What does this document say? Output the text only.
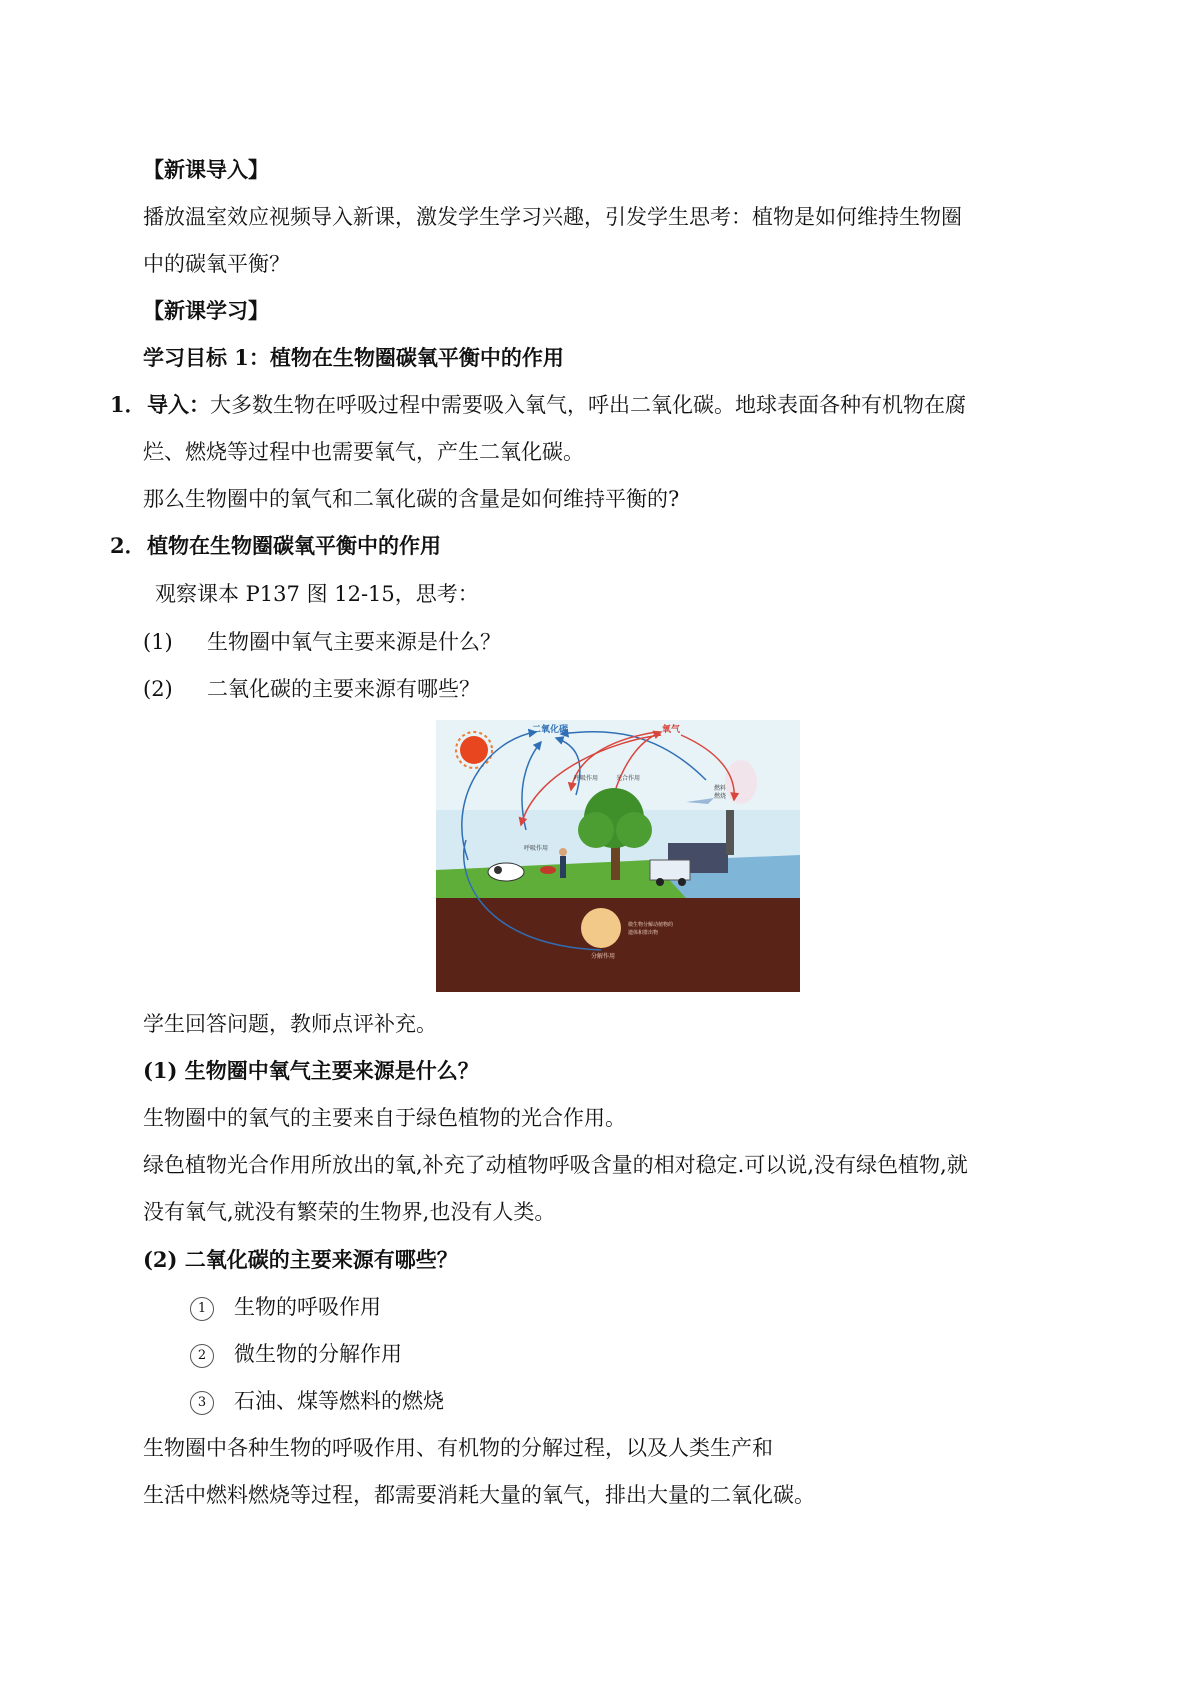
【新课导入】
播放温室效应视频导入新课，激发学生学习兴趣，引发学生思考：植物是如何维持生物圈
中的碳氧平衡？
【新课学习】
学习目标 1：植物在生物圈碳氧平衡中的作用
1． 导入：大多数生物在呼吸过程中需要吸入氧气，呼出二氧化碳。地球表面各种有机物在腐
烂、燃烧等过程中也需要氧气，产生二氧化碳。
那么生物圈中的氧气和二氧化碳的含量是如何维持平衡的?
2． 植物在生物圈碳氧平衡中的作用
观察课本 P137 图 12-15，思考：
(1) 生物圈中氧气主要来源是什么？
(2) 二氧化碳的主要来源有哪些？
二氧化碳	氧气
呼吸作用	光合作用
燃料
燃烧
呼吸作用
微生物分解动植物的
遗体和排出物
分解作用
学生回答问题，教师点评补充。
(1) 生物圈中氧气主要来源是什么？
生物圈中的氧气的主要来自于绿色植物的光合作用。
绿色植物光合作用所放出的氧,补充了动植物呼吸含量的相对稳定.可以说,没有绿色植物,就
没有氧气,就没有繁荣的生物界,也没有人类。
(2) 二氧化碳的主要来源有哪些？
1 生物的呼吸作用
2 微生物的分解作用
3 石油、煤等燃料的燃烧
生物圈中各种生物的呼吸作用、有机物的分解过程，以及人类生产和
生活中燃料燃烧等过程，都需要消耗大量的氧气，排出大量的二氧化碳。
